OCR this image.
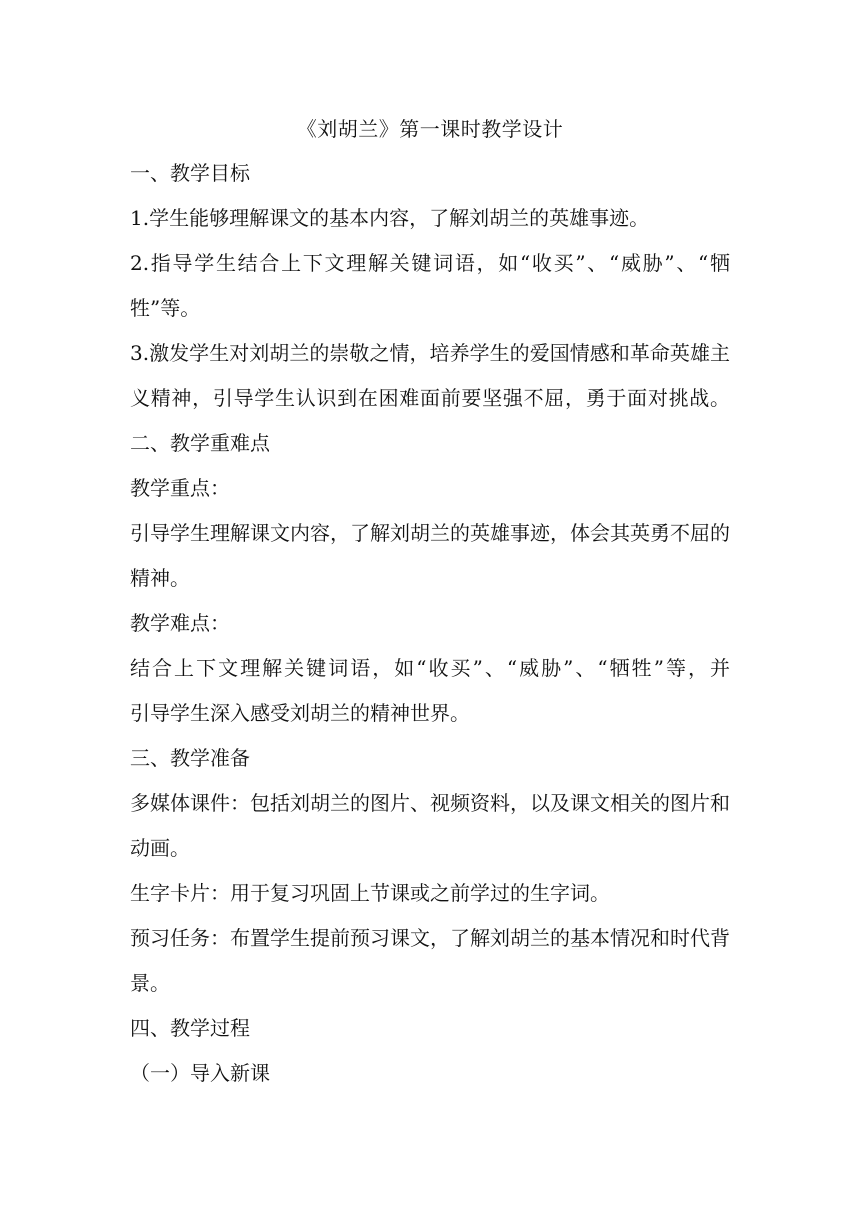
《刘胡兰》第一课时教学设计
一、教学目标
1.学生能够理解课文的基本内容，了解刘胡兰的英雄事迹。
2.指导学生结合上下文理解关键词语，如“收买”、“威胁”、“牺
牲”等。
3.激发学生对刘胡兰的崇敬之情，培养学生的爱国情感和革命英雄主
义精神，引导学生认识到在困难面前要坚强不屈，勇于面对挑战。
二、教学重难点
教学重点：
引导学生理解课文内容，了解刘胡兰的英雄事迹，体会其英勇不屈的
精神。
教学难点：
结合上下文理解关键词语，如“收买”、“威胁”、“牺牲”等，并
引导学生深入感受刘胡兰的精神世界。
三、教学准备
多媒体课件：包括刘胡兰的图片、视频资料，以及课文相关的图片和
动画。
生字卡片：用于复习巩固上节课或之前学过的生字词。
预习任务：布置学生提前预习课文，了解刘胡兰的基本情况和时代背
景。
四、教学过程
（一）导入新课
